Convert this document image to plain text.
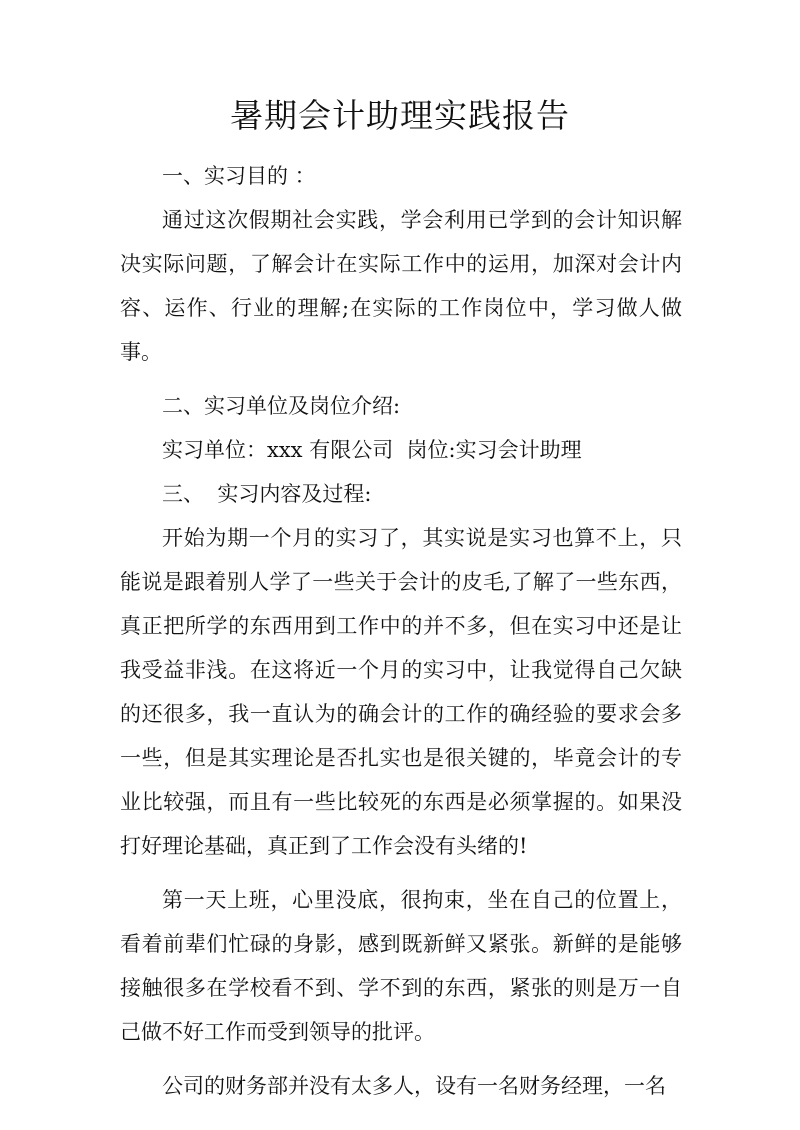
暑期会计助理实践报告

一、实习目的 ：

通过这次假期社会实践，学会利用已学到的会计知识解决实际问题，了解会计在实际工作中的运用，加深对会计内容、运作、行业的理解;在实际的工作岗位中，学习做人做事。

二、实习单位及岗位介绍:

实习单位：xxx 有限公司  岗位:实习会计助理

三、  实习内容及过程:

开始为期一个月的实习了，其实说是实习也算不上，只能说是跟着别人学了一些关于会计的皮毛,了解了一些东西，真正把所学的东西用到工作中的并不多，但在实习中还是让我受益非浅。在这将近一个月的实习中，让我觉得自己欠缺的还很多，我一直认为的确会计的工作的确经验的要求会多一些，但是其实理论是否扎实也是很关键的，毕竟会计的专业比较强，而且有一些比较死的东西是必须掌握的。如果没打好理论基础，真正到了工作会没有头绪的!

第一天上班，心里没底，很拘束，坐在自己的位置上，看着前辈们忙碌的身影，感到既新鲜又紧张。新鲜的是能够接触很多在学校看不到、学不到的东西，紧张的则是万一自己做不好工作而受到领导的批评。

公司的财务部并没有太多人，设有一名财务经理，一名
